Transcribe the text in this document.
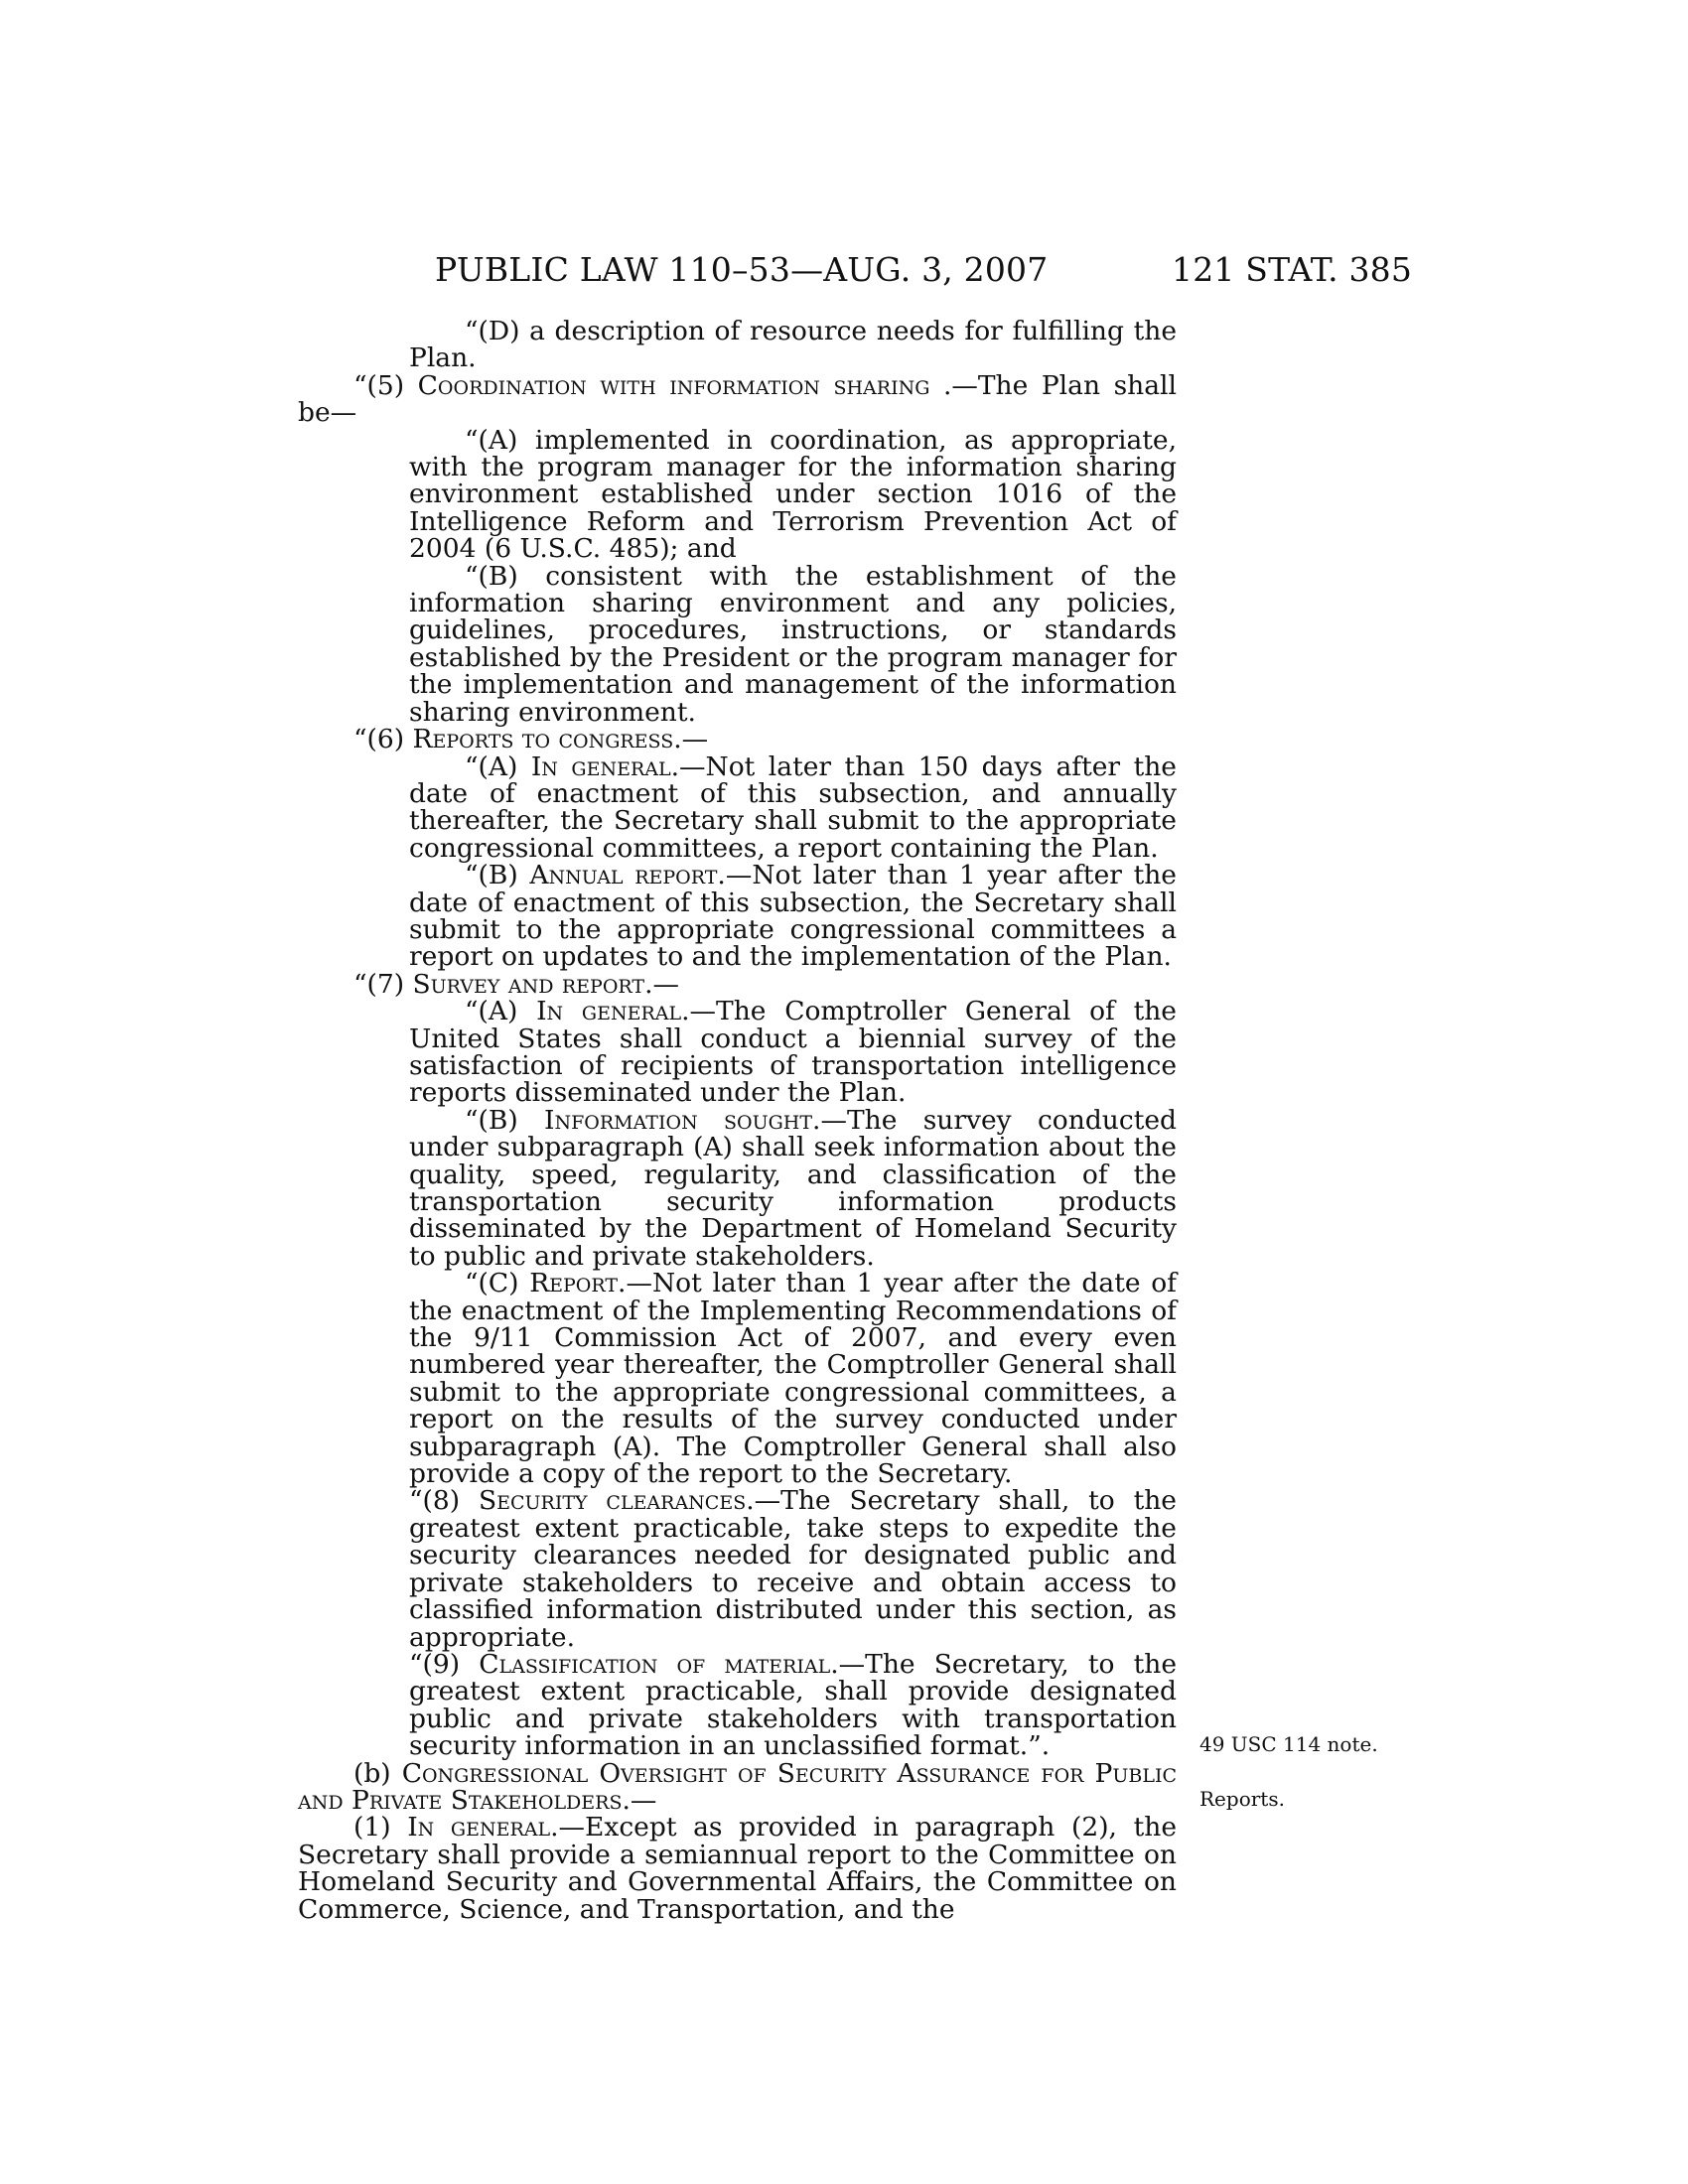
PUBLIC LAW 110–53—AUG. 3, 2007	121 STAT. 385

“(D) a description of resource needs for fulfilling the Plan.

“(5) Coordination with information sharing .—The Plan shall be—

“(A) implemented in coordination, as appropriate, with the program manager for the information sharing environment established under section 1016 of the Intelligence Reform and Terrorism Prevention Act of 2004 (6 U.S.C. 485); and

“(B) consistent with the establishment of the information sharing environment and any policies, guidelines, procedures, instructions, or standards established by the President or the program manager for the implementation and management of the information sharing environment.

“(6) Reports to congress.—

“(A) In general.—Not later than 150 days after the date of enactment of this subsection, and annually thereafter, the Secretary shall submit to the appropriate congressional committees, a report containing the Plan.

“(B) Annual report.—Not later than 1 year after the date of enactment of this subsection, the Secretary shall submit to the appropriate congressional committees a report on updates to and the implementation of the Plan.

“(7) Survey and report.—

“(A) In general.—The Comptroller General of the United States shall conduct a biennial survey of the satisfaction of recipients of transportation intelligence reports disseminated under the Plan.

“(B) Information sought.—The survey conducted under subparagraph (A) shall seek information about the quality, speed, regularity, and classification of the transportation security information products disseminated by the Department of Homeland Security to public and private stakeholders.

“(C) Report.—Not later than 1 year after the date of the enactment of the Implementing Recommendations of the 9/11 Commission Act of 2007, and every even numbered year thereafter, the Comptroller General shall submit to the appropriate congressional committees, a report on the results of the survey conducted under subparagraph (A). The Comptroller General shall also provide a copy of the report to the Secretary.

“(8) Security clearances.—The Secretary shall, to the greatest extent practicable, take steps to expedite the security clearances needed for designated public and private stakeholders to receive and obtain access to classified information distributed under this section, as appropriate.

“(9) Classification of material.—The Secretary, to the greatest extent practicable, shall provide designated public and private stakeholders with transportation security information in an unclassified format.”.

(b) Congressional Oversight of Security Assurance for Public and Private Stakeholders.—

(1) In general.—Except as provided in paragraph (2), the Secretary shall provide a semiannual report to the Committee on Homeland Security and Governmental Affairs, the Committee on Commerce, Science, and Transportation, and the

49 USC 114 note.
Reports.
